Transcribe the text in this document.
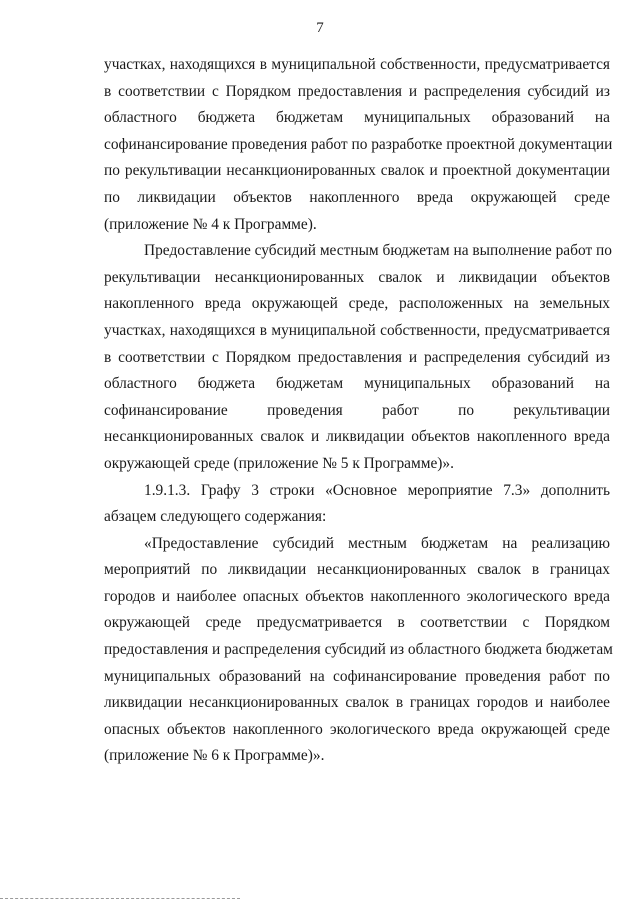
7
участках, находящихся в муниципальной собственности, предусматривается
в соответствии с Порядком предоставления и распределения субсидий из
областного бюджета бюджетам муниципальных образований на
софинансирование проведения работ по разработке проектной документации
по рекультивации несанкционированных свалок и проектной документации
по ликвидации объектов накопленного вреда окружающей среде
(приложение № 4 к Программе).
Предоставление субсидий местным бюджетам на выполнение работ по
рекультивации несанкционированных свалок и ликвидации объектов
накопленного вреда окружающей среде, расположенных на земельных
участках, находящихся в муниципальной собственности, предусматривается
в соответствии с Порядком предоставления и распределения субсидий из
областного бюджета бюджетам муниципальных образований на
софинансирование проведения работ по рекультивации
несанкционированных свалок и ликвидации объектов накопленного вреда
окружающей среде (приложение № 5 к Программе)».
1.9.1.3. Графу 3 строки «Основное мероприятие 7.3» дополнить
абзацем следующего содержания:
«Предоставление субсидий местным бюджетам на реализацию
мероприятий по ликвидации несанкционированных свалок в границах
городов и наиболее опасных объектов накопленного экологического вреда
окружающей среде предусматривается в соответствии с Порядком
предоставления и распределения субсидий из областного бюджета бюджетам
муниципальных образований на софинансирование проведения работ по
ликвидации несанкционированных свалок в границах городов и наиболее
опасных объектов накопленного экологического вреда окружающей среде
(приложение № 6 к Программе)».
